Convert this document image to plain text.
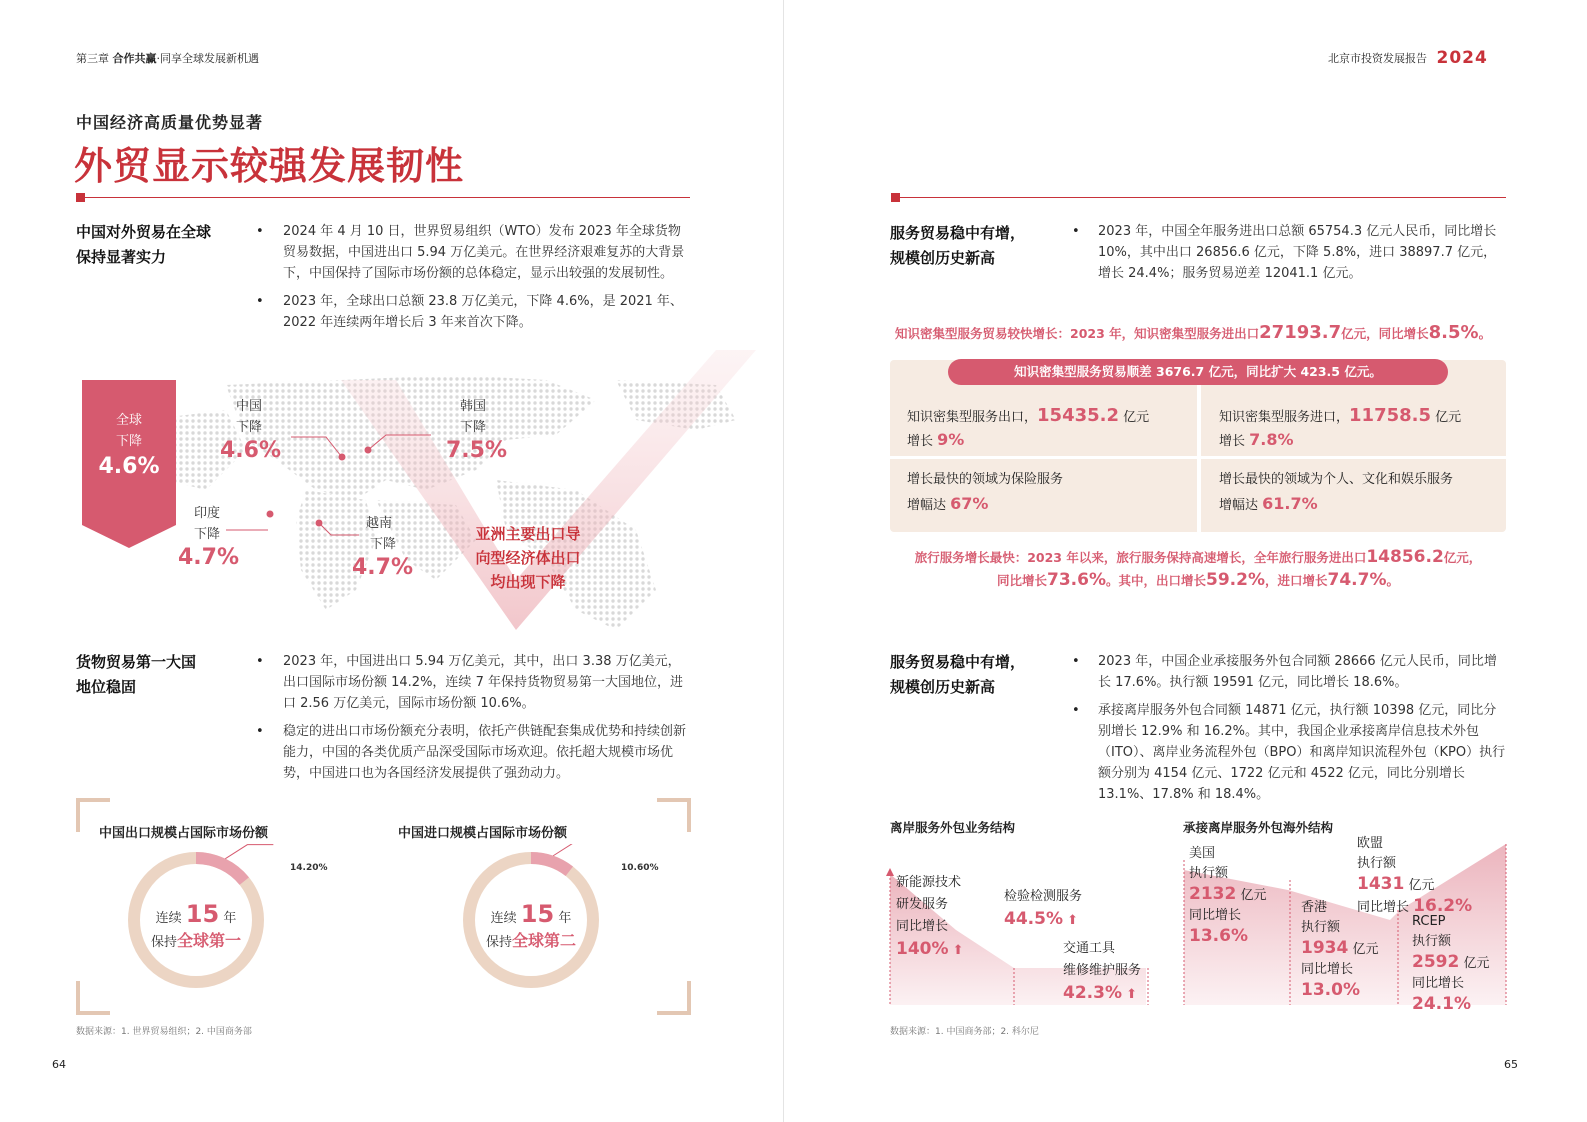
第三章 合作共赢·同享全球发展新机遇
中国经济高质量优势显著
外贸显示较强发展韧性
中国对外贸易在全球
保持显著实力
• 2024 年 4 月 10 日，世界贸易组织（WTO）发布 2023 年全球货物贸易数据，中国进出口 5.94 万亿美元。在世界经济艰难复苏的大背景下，中国保持了国际市场份额的总体稳定，显示出较强的发展韧性。
• 2023 年，全球出口总额 23.8 万亿美元，下降 4.6%，是 2021 年、2022 年连续两年增长后 3 年来首次下降。
全球
下降
4.6%
中国
下降
4.6%
韩国
下降
7.5%
印度
下降
4.7%
越南
下降
4.7%
亚洲主要出口导
向型经济体出口
均出现下降
货物贸易第一大国
地位稳固
• 2023 年，中国进出口 5.94 万亿美元，其中，出口 3.38 万亿美元，出口国际市场份额 14.2%，连续 7 年保持货物贸易第一大国地位，进口 2.56 万亿美元，国际市场份额 10.6%。
• 稳定的进出口市场份额充分表明，依托产供链配套集成优势和持续创新能力，中国的各类优质产品深受国际市场欢迎。依托超大规模市场优势，中国进口也为各国经济发展提供了强劲动力。
中国出口规模占国际市场份额	中国进口规模占国际市场份额
14.20%
连续 15 年
保持全球第一
10.60%
连续 15 年
保持全球第二
数据来源：1. 世界贸易组织；2. 中国商务部
64
北京市投资发展报告 2024
服务贸易稳中有增，
规模创历史新高
• 2023 年，中国全年服务进出口总额 65754.3 亿元人民币，同比增长 10%，其中出口 26856.6 亿元，下降 5.8%，进口 38897.7 亿元，增长 24.4%；服务贸易逆差 12041.1 亿元。
知识密集型服务贸易较快增长：2023 年，知识密集型服务进出口27193.7亿元，同比增长8.5%。
知识密集型服务贸易顺差 3676.7 亿元，同比扩大 423.5 亿元。
知识密集型服务出口，15435.2 亿元
增长 9%
知识密集型服务进口，11758.5 亿元
增长 7.8%
增长最快的领域为保险服务
增幅达 67%
增长最快的领域为个人、文化和娱乐服务
增幅达 61.7%
旅行服务增长最快：2023 年以来，旅行服务保持高速增长，全年旅行服务进出口14856.2亿元，
同比增长73.6%。其中，出口增长59.2%，进口增长74.7%。
服务贸易稳中有增，
规模创历史新高
• 2023 年，中国企业承接服务外包合同额 28666 亿元人民币，同比增长 17.6%。执行额 19591 亿元，同比增长 18.6%。
• 承接离岸服务外包合同额 14871 亿元，执行额 10398 亿元，同比分别增长 12.9% 和 16.2%。其中，我国企业承接离岸信息技术外包（ITO）、离岸业务流程外包（BPO）和离岸知识流程外包（KPO）执行额分别为 4154 亿元、1722 亿元和 4522 亿元，同比分别增长 13.1%、17.8% 和 18.4%。
离岸服务外包业务结构
新能源技术
研发服务
同比增长
140% ⬆
检验检测服务
44.5% ⬆
交通工具
维修维护服务
42.3% ⬆
承接离岸服务外包海外结构
美国
执行额
2132 亿元
同比增长
13.6%
香港
执行额
1934 亿元
同比增长
13.0%
欧盟
执行额
1431 亿元
同比增长 16.2%
RCEP
执行额
2592 亿元
同比增长
24.1%
数据来源：1. 中国商务部；2. 科尔尼
65
